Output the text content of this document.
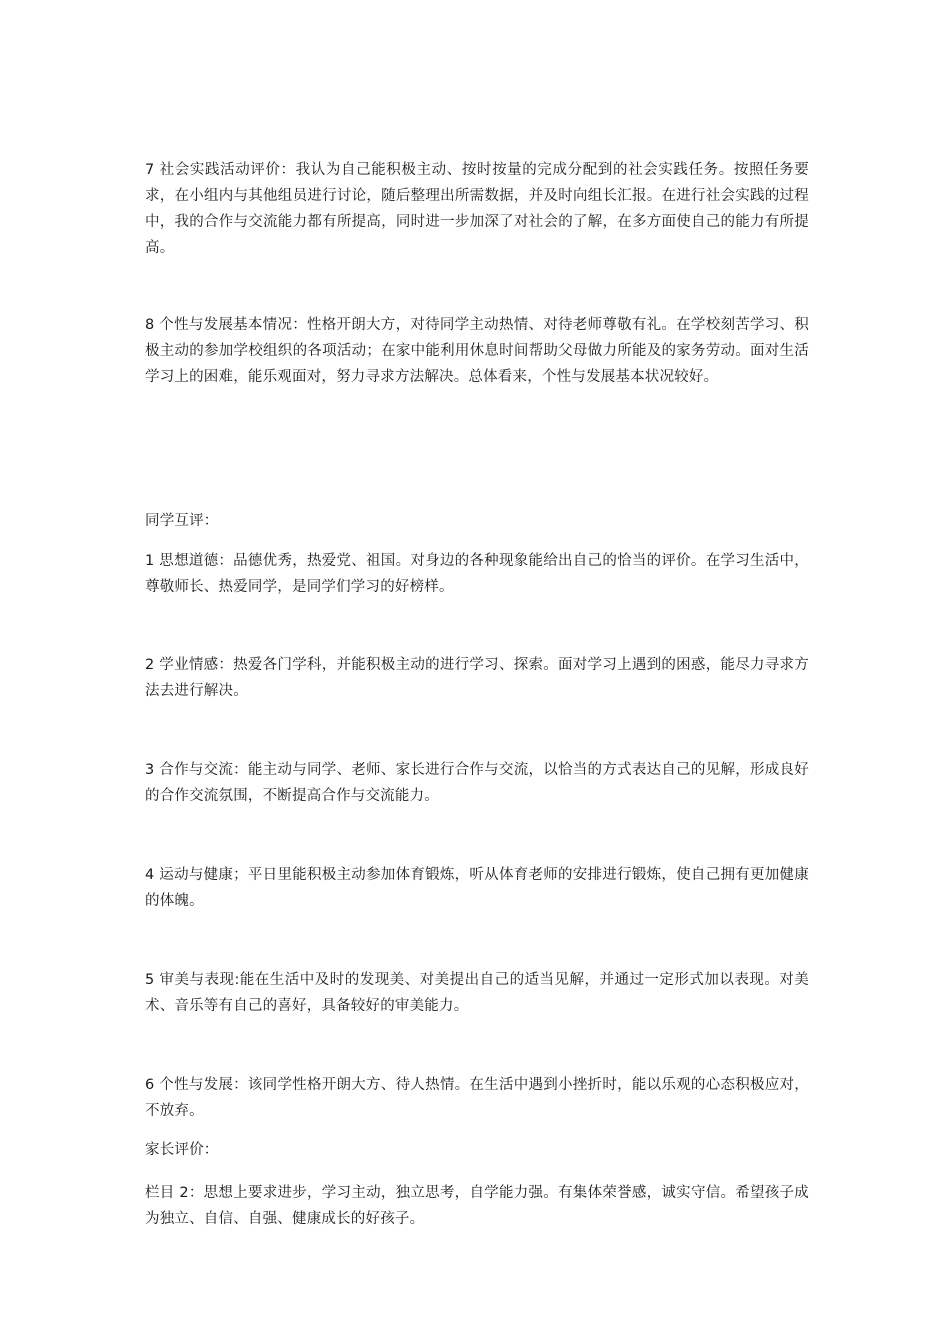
7 社会实践活动评价：我认为自己能积极主动、按时按量的完成分配到的社会实践任务。按照任务要求，在小组内与其他组员进行讨论，随后整理出所需数据，并及时向组长汇报。在进行社会实践的过程中，我的合作与交流能力都有所提高，同时进一步加深了对社会的了解，在多方面使自己的能力有所提高。

8 个性与发展基本情况：性格开朗大方，对待同学主动热情、对待老师尊敬有礼。在学校刻苦学习、积极主动的参加学校组织的各项活动；在家中能利用休息时间帮助父母做力所能及的家务劳动。面对生活学习上的困难，能乐观面对，努力寻求方法解决。总体看来，个性与发展基本状况较好。

同学互评：

1 思想道德：品德优秀，热爱党、祖国。对身边的各种现象能给出自己的恰当的评价。在学习生活中，尊敬师长、热爱同学，是同学们学习的好榜样。

2 学业情感：热爱各门学科，并能积极主动的进行学习、探索。面对学习上遇到的困惑，能尽力寻求方法去进行解决。

3 合作与交流：能主动与同学、老师、家长进行合作与交流，以恰当的方式表达自己的见解，形成良好的合作交流氛围，不断提高合作与交流能力。

4 运动与健康；平日里能积极主动参加体育锻炼，听从体育老师的安排进行锻炼，使自己拥有更加健康的体魄。

5 审美与表现:能在生活中及时的发现美、对美提出自己的适当见解，并通过一定形式加以表现。对美术、音乐等有自己的喜好，具备较好的审美能力。

6 个性与发展：该同学性格开朗大方、待人热情。在生活中遇到小挫折时，能以乐观的心态积极应对，不放弃。

家长评价：

栏目 2：思想上要求进步，学习主动，独立思考，自学能力强。有集体荣誉感，诚实守信。希望孩子成为独立、自信、自强、健康成长的好孩子。
